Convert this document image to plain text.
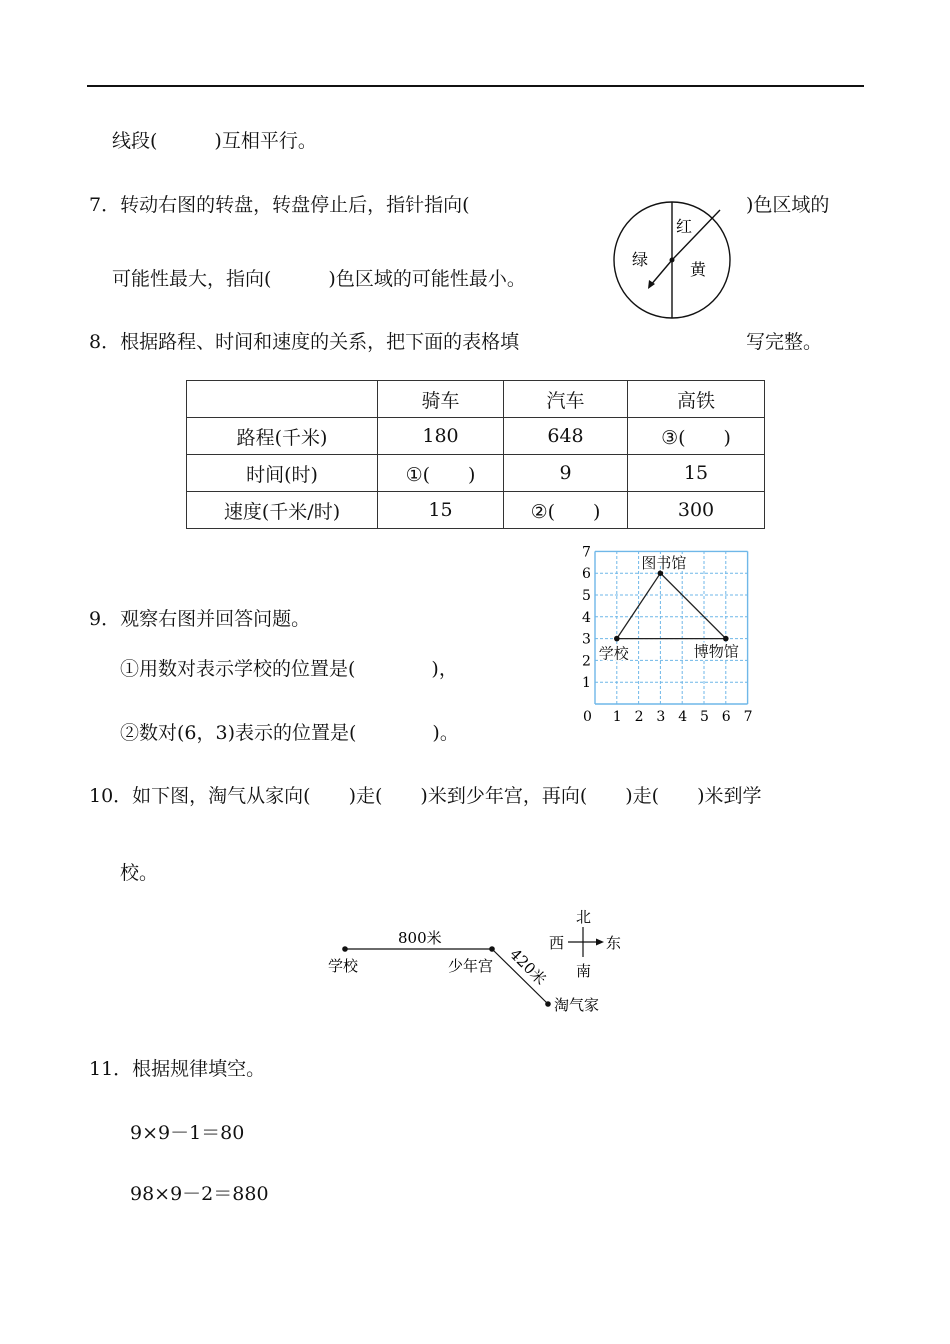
线段(　　　)互相平行。
7．转动右图的转盘，转盘停止后，指针指向(	)色区域的
可能性最大，指向(　　　)色区域的可能性最小。
红
绿
黄
8．根据路程、时间和速度的关系，把下面的表格填	写完整。
	骑车	汽车	高铁
路程(千米)	180	648	③(　　)
时间(时)	①(　　)	9	15
速度(千米/时)	15	②(　　)	300
9．观察右图并回答问题。
①用数对表示学校的位置是(　　　　)，
②数对(6，3)表示的位置是(　　　　)。
0 1 2 3 4 5 6 7
1
2
3
4
5
6
7
图书馆
学校	博物馆
10．如下图，淘气从家向(　　)走(　　)米到少年宫，再向(　　)走(　　)米到学
校。
800米
学校	少年宫
淘气家
420米
北
南
西	东
11．根据规律填空。
9×9－1＝80
98×9－2＝880
